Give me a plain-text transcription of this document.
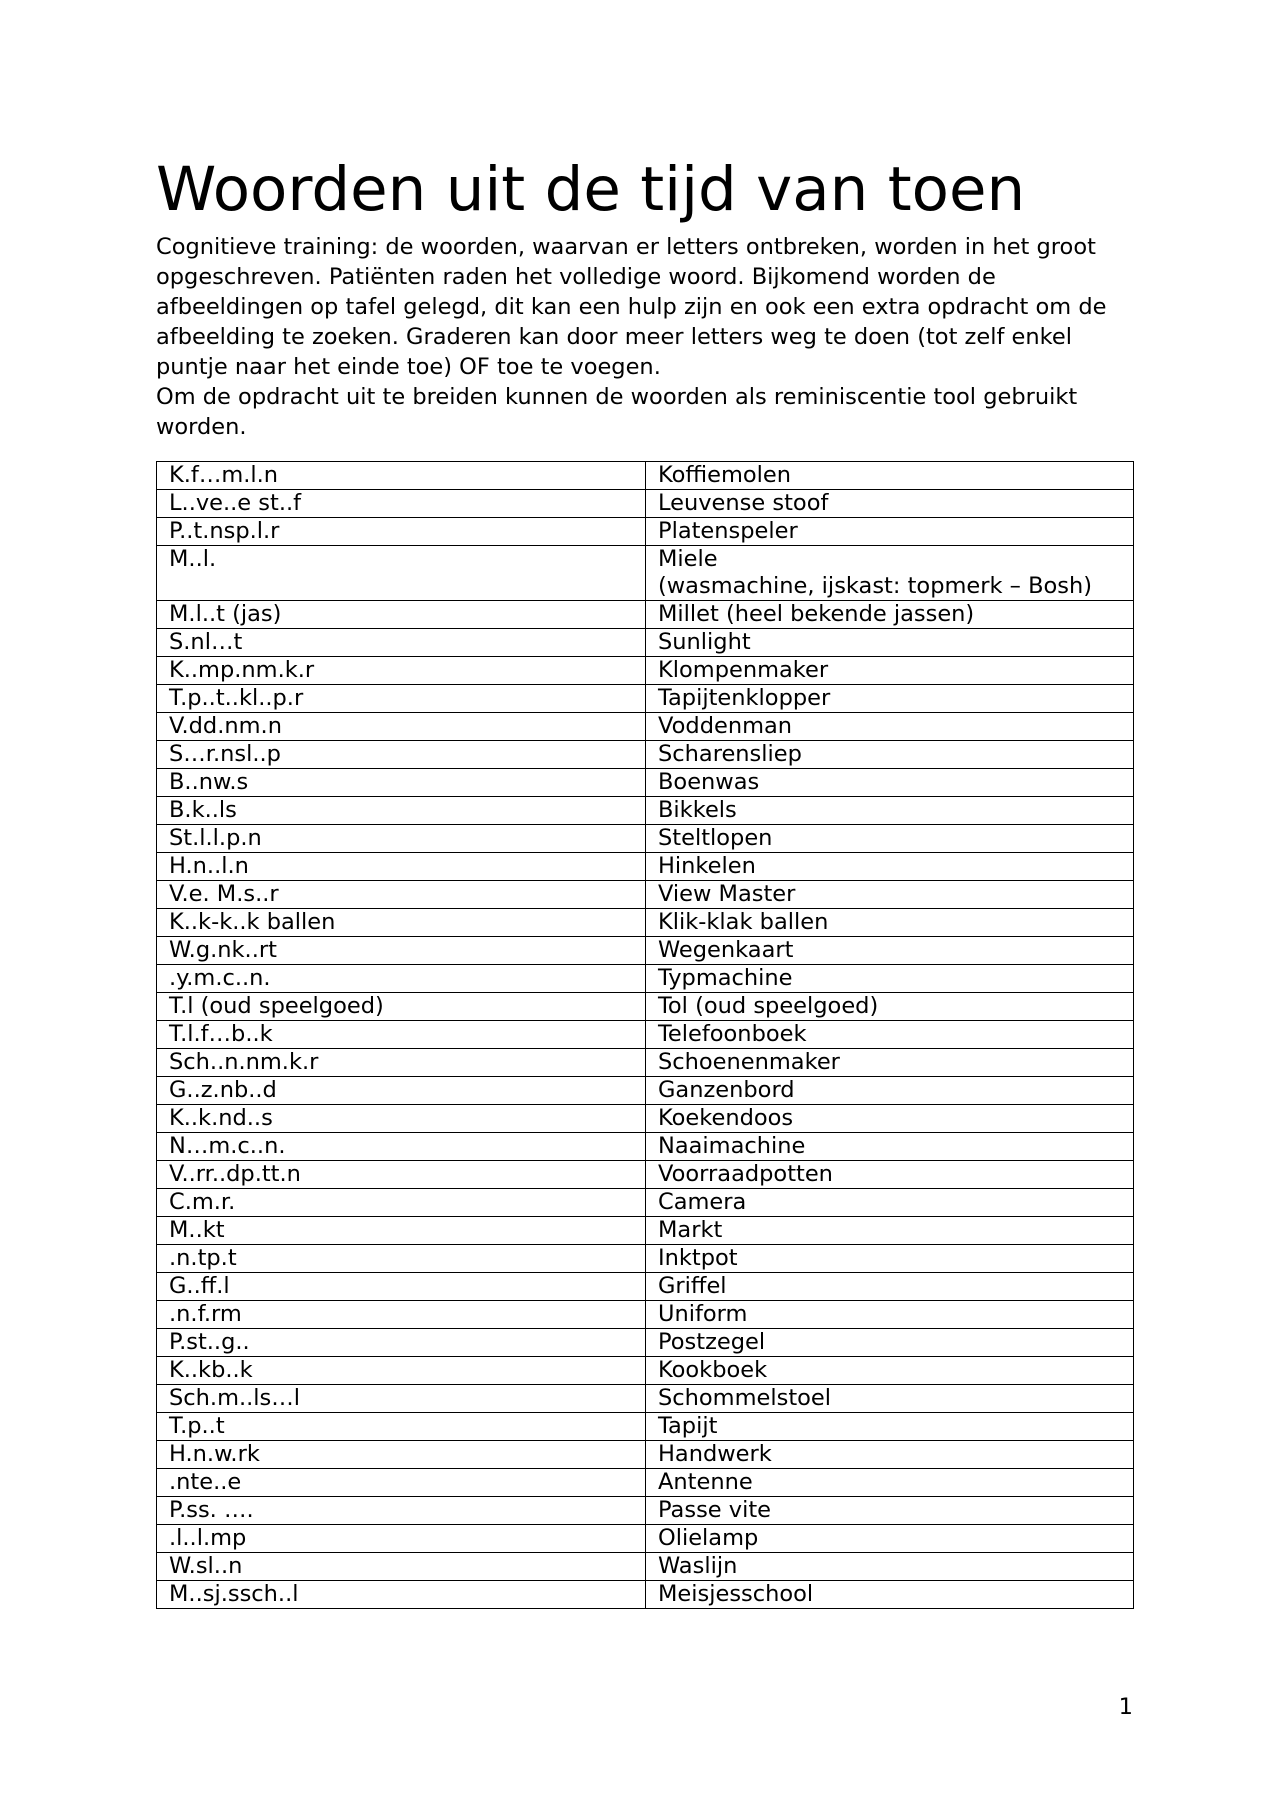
Woorden uit de tijd van toen

Cognitieve training: de woorden, waarvan er letters ontbreken, worden in het groot opgeschreven. Patiënten raden het volledige woord. Bijkomend worden de afbeeldingen op tafel gelegd, dit kan een hulp zijn en ook een extra opdracht om de afbeelding te zoeken. Graderen kan door meer letters weg te doen (tot zelf enkel puntje naar het einde toe) OF toe te voegen.

Om de opdracht uit te breiden kunnen de woorden als reminiscentie tool gebruikt worden.

K.f…m.l.n	Koffiemolen

L..ve..e st..f	Leuvense stoof

P..t.nsp.l.r	Platenspeler

M..l.	Miele
(wasmachine, ijskast: topmerk – Bosh)

M.l..t (jas)	Millet (heel bekende jassen)

S.nl…t	Sunlight

K..mp.nm.k.r	Klompenmaker

T.p..t..kl..p.r	Tapijtenklopper

V.dd.nm.n	Voddenman

S…r.nsl..p	Scharensliep

B..nw.s	Boenwas

B.k..ls	Bikkels

St.l.l.p.n	Steltlopen

H.n..l.n	Hinkelen

V.e. M.s..r	View Master

K..k-k..k ballen	Klik-klak ballen

W.g.nk..rt	Wegenkaart

.y.m.c..n.	Typmachine

T.l (oud speelgoed)	Tol (oud speelgoed)

T.l.f…b..k	Telefoonboek

Sch..n.nm.k.r	Schoenenmaker

G..z.nb..d	Ganzenbord

K..k.nd..s	Koekendoos

N…m.c..n.	Naaimachine

V..rr..dp.tt.n	Voorraadpotten

C.m.r.	Camera

M..kt	Markt

.n.tp.t	Inktpot

G..ff.l	Griffel

.n.f.rm	Uniform

P.st..g..	Postzegel

K..kb..k	Kookboek

Sch.m..ls…l	Schommelstoel

T.p..t	Tapijt

H.n.w.rk	Handwerk

.nte..e	Antenne

P.ss. ….	Passe vite

.l..l.mp	Olielamp

W.sl..n	Waslijn

M..sj.ssch..l	Meisjesschool
1
